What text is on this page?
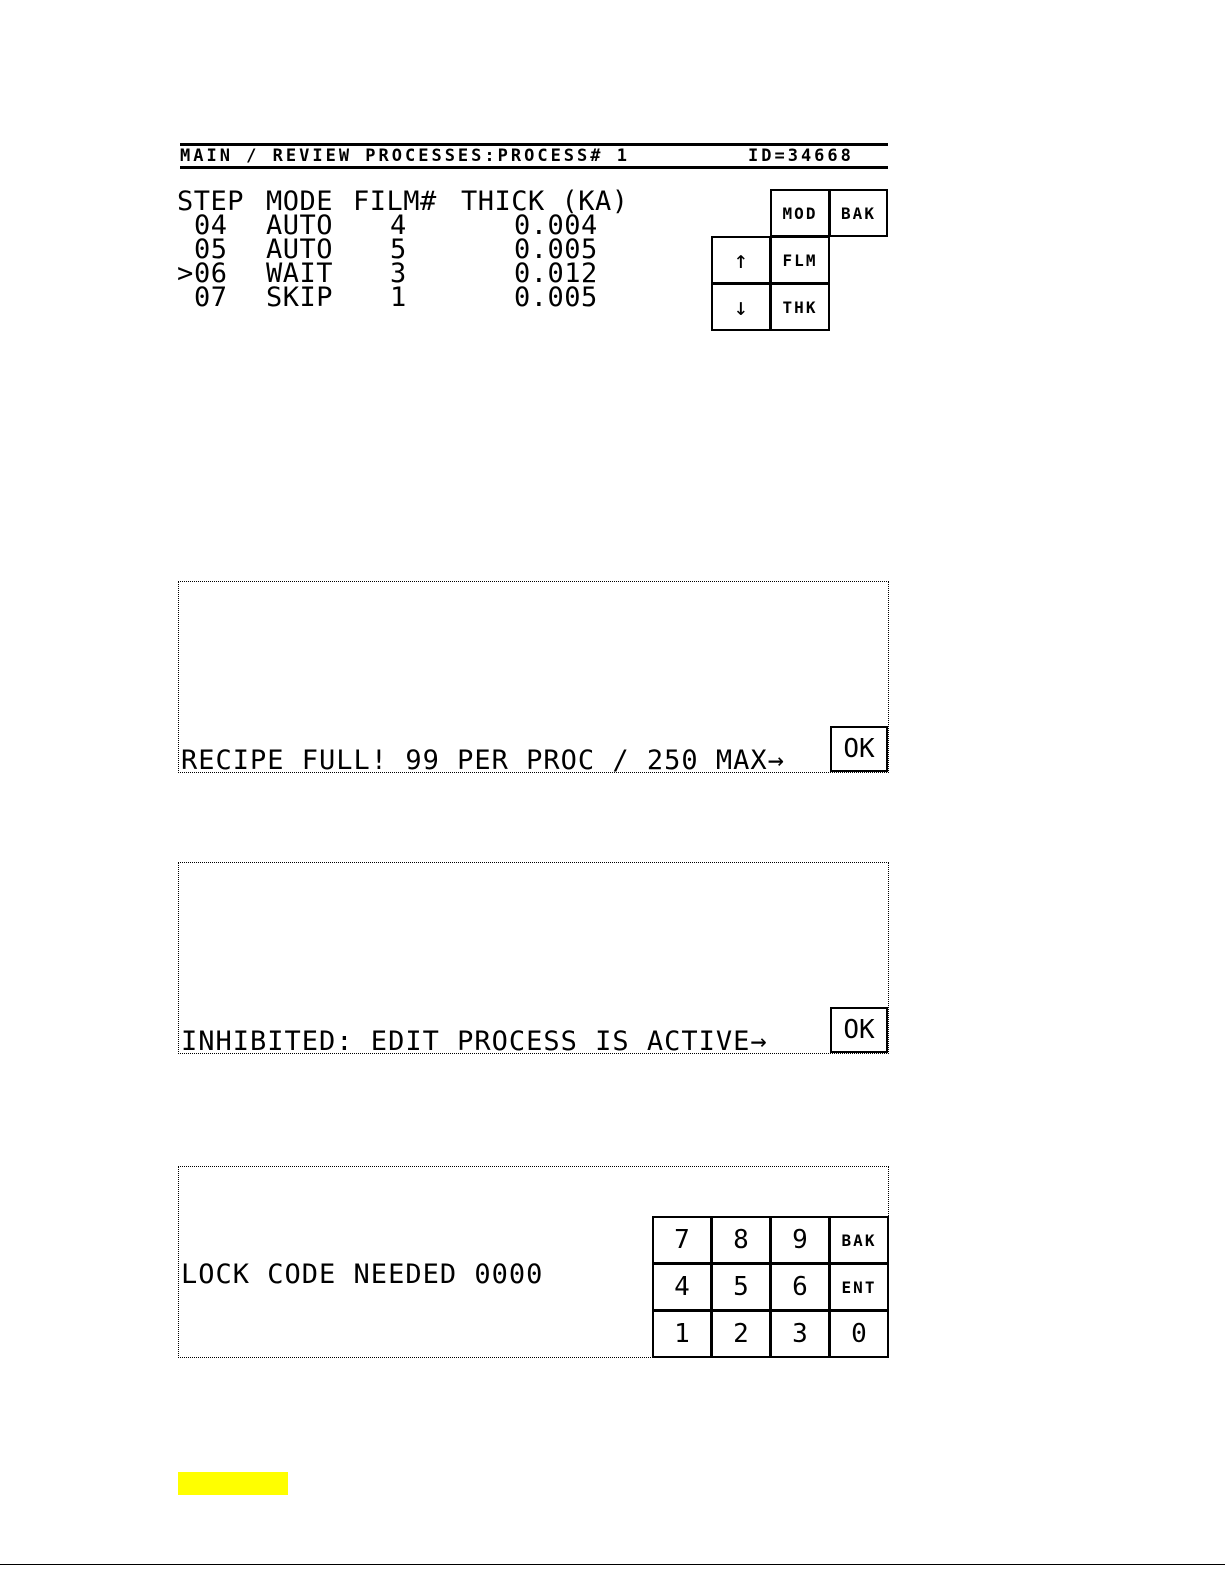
MAIN / REVIEW PROCESSES:PROCESS# 1	ID=34668
STEP MODE FILM# THICK (KA)
04 AUTO 4	0.004
05 AUTO 5	0.005
> 06 WAIT 3	0.012
07 SKIP 1	0.005
MOD	BAK
↑	FLM
↓	THK
RECIPE FULL! 99 PER PROC / 250 MAX→	OK
INHIBITED: EDIT PROCESS IS ACTIVE→	OK
LOCK CODE NEEDED 0000
7	8	9	BAK
4	5	6	ENT
1	2	3	0
